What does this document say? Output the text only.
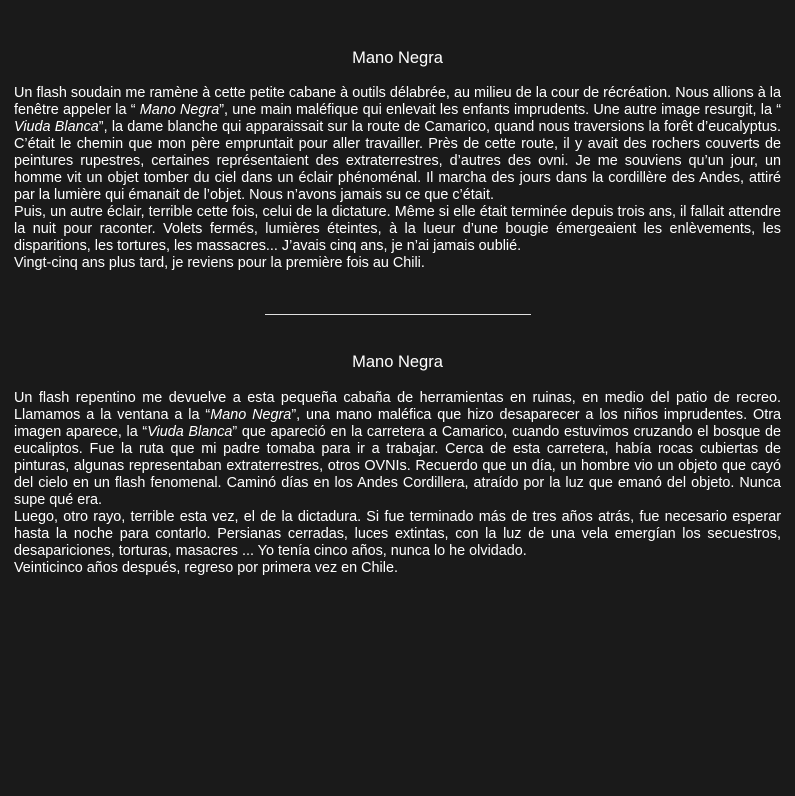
Mano Negra

Un flash soudain me ramène à cette petite cabane à outils délabrée, au milieu de la cour de récréation. Nous allions à la fenêtre appeler la “ Mano Negra”, une main maléfique qui enlevait les enfants imprudents. Une autre image resurgit, la “ Viuda Blanca”, la dame blanche qui apparaissait sur la route de Camarico, quand nous traversions la forêt d’eucalyptus. C’était le chemin que mon père empruntait pour aller travailler. Près de cette route, il y avait des rochers couverts de peintures rupestres, certaines représentaient des extraterrestres, d’autres des ovni. Je me souviens qu’un jour, un homme vit un objet tomber du ciel dans un éclair phénoménal. Il marcha des jours dans la cordillère des Andes, attiré par la lumière qui émanait de l’objet. Nous n’avons jamais su ce que c’était.

Puis, un autre éclair, terrible cette fois, celui de la dictature. Même si elle était terminée depuis trois ans, il fallait attendre la nuit pour raconter. Volets fermés, lumières éteintes, à la lueur d’une bougie émergeaient les enlèvements, les disparitions, les tortures, les massacres... J’avais cinq ans, je n’ai jamais oublié.

Vingt-cinq ans plus tard, je reviens pour la première fois au Chili.

Mano Negra

Un flash repentino me devuelve a esta pequeña cabaña de herramientas en ruinas, en medio del patio de recreo. Llamamos a la ventana a la “Mano Negra”, una mano maléfica que hizo desaparecer a los niños imprudentes. Otra imagen aparece, la “Viuda Blanca” que apareció en la carretera a Camarico, cuando estuvimos cruzando el bosque de eucaliptos. Fue la ruta que mi padre tomaba para ir a trabajar. Cerca de esta carretera, había rocas cubiertas de pinturas, algunas representaban extraterrestres, otros OVNIs. Recuerdo que un día, un hombre vio un objeto que cayó del cielo en un flash fenomenal. Caminó días en los Andes Cordillera, atraído por la luz que emanó del objeto. Nunca supe qué era.

Luego, otro rayo, terrible esta vez, el de la dictadura. Si fue terminado más de tres años atrás, fue necesario esperar hasta la noche para contarlo. Persianas cerradas, luces extintas, con la luz de una vela emergían los secuestros, desapariciones, torturas, masacres ... Yo tenía cinco años, nunca lo he olvidado.

Veinticinco años después, regreso por primera vez en Chile.
